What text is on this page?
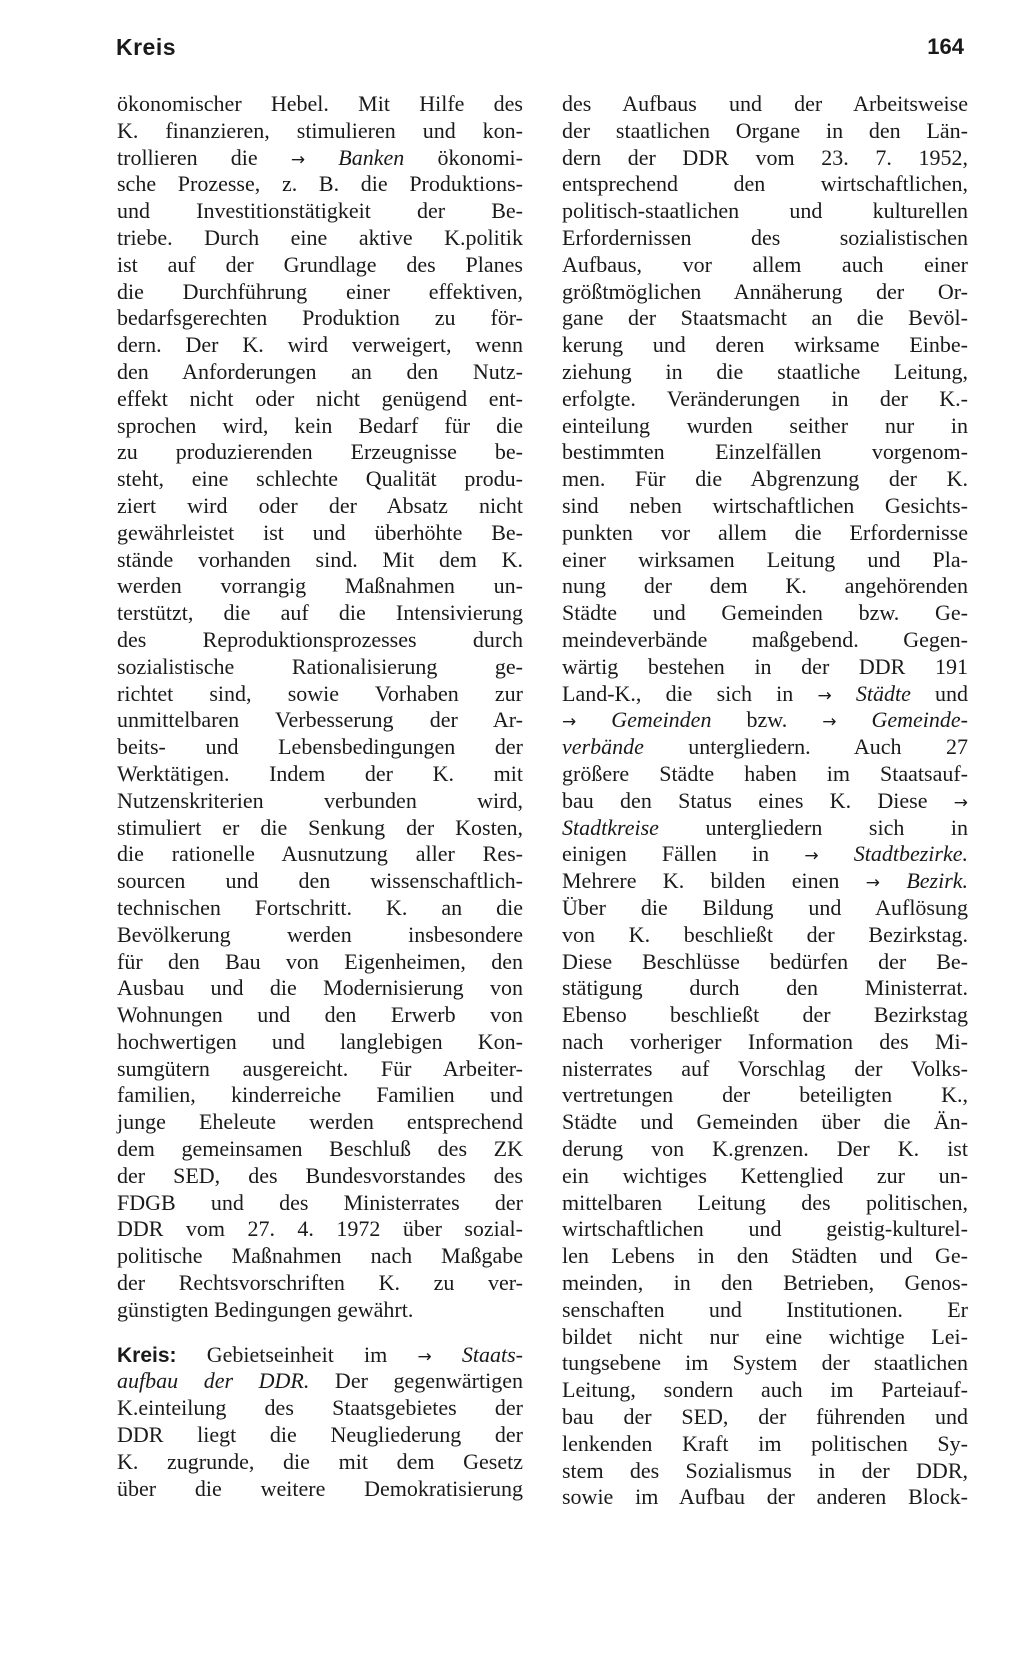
Kreis	164
ökonomischer Hebel. Mit Hilfe des
K. finanzieren, stimulieren und kon-
trollieren die → Banken ökonomi-
sche Prozesse, z. B. die Produktions-
und Investitionstätigkeit der Be-
triebe. Durch eine aktive K.politik
ist auf der Grundlage des Planes
die Durchführung einer effektiven,
bedarfsgerechten Produktion zu för-
dern. Der K. wird verweigert, wenn
den Anforderungen an den Nutz-
effekt nicht oder nicht genügend ent-
sprochen wird, kein Bedarf für die
zu produzierenden Erzeugnisse be-
steht, eine schlechte Qualität produ-
ziert wird oder der Absatz nicht
gewährleistet ist und überhöhte Be-
stände vorhanden sind. Mit dem K.
werden vorrangig Maßnahmen un-
terstützt, die auf die Intensivierung
des Reproduktionsprozesses durch
sozialistische Rationalisierung ge-
richtet sind, sowie Vorhaben zur
unmittelbaren Verbesserung der Ar-
beits- und Lebensbedingungen der
Werktätigen. Indem der K. mit
Nutzenskriterien verbunden wird,
stimuliert er die Senkung der Kosten,
die rationelle Ausnutzung aller Res-
sourcen und den wissenschaftlich-
technischen Fortschritt. K. an die
Bevölkerung werden insbesondere
für den Bau von Eigenheimen, den
Ausbau und die Modernisierung von
Wohnungen und den Erwerb von
hochwertigen und langlebigen Kon-
sumgütern ausgereicht. Für Arbeiter-
familien, kinderreiche Familien und
junge Eheleute werden entsprechend
dem gemeinsamen Beschluß des ZK
der SED, des Bundesvorstandes des
FDGB und des Ministerrates der
DDR vom 27. 4. 1972 über sozial-
politische Maßnahmen nach Maßgabe
der Rechtsvorschriften K. zu ver-
günstigten Bedingungen gewährt.
Kreis: Gebietseinheit im → Staats-
aufbau der DDR. Der gegenwärtigen
K.einteilung des Staatsgebietes der
DDR liegt die Neugliederung der
K. zugrunde, die mit dem Gesetz
über die weitere Demokratisierung
des Aufbaus und der Arbeitsweise
der staatlichen Organe in den Län-
dern der DDR vom 23. 7. 1952,
entsprechend den wirtschaftlichen,
politisch-staatlichen und kulturellen
Erfordernissen des sozialistischen
Aufbaus, vor allem auch einer
größtmöglichen Annäherung der Or-
gane der Staatsmacht an die Bevöl-
kerung und deren wirksame Einbe-
ziehung in die staatliche Leitung,
erfolgte. Veränderungen in der K.-
einteilung wurden seither nur in
bestimmten Einzelfällen vorgenom-
men. Für die Abgrenzung der K.
sind neben wirtschaftlichen Gesichts-
punkten vor allem die Erfordernisse
einer wirksamen Leitung und Pla-
nung der dem K. angehörenden
Städte und Gemeinden bzw. Ge-
meindeverbände maßgebend. Gegen-
wärtig bestehen in der DDR 191
Land-K., die sich in → Städte und
→ Gemeinden bzw. → Gemeinde-
verbände untergliedern. Auch 27
größere Städte haben im Staatsauf-
bau den Status eines K. Diese →
Stadtkreise untergliedern sich in
einigen Fällen in → Stadtbezirke.
Mehrere K. bilden einen → Bezirk.
Über die Bildung und Auflösung
von K. beschließt der Bezirkstag.
Diese Beschlüsse bedürfen der Be-
stätigung durch den Ministerrat.
Ebenso beschließt der Bezirkstag
nach vorheriger Information des Mi-
nisterrates auf Vorschlag der Volks-
vertretungen der beteiligten K.,
Städte und Gemeinden über die Än-
derung von K.grenzen. Der K. ist
ein wichtiges Kettenglied zur un-
mittelbaren Leitung des politischen,
wirtschaftlichen und geistig-kulturel-
len Lebens in den Städten und Ge-
meinden, in den Betrieben, Genos-
senschaften und Institutionen. Er
bildet nicht nur eine wichtige Lei-
tungsebene im System der staatlichen
Leitung, sondern auch im Parteiauf-
bau der SED, der führenden und
lenkenden Kraft im politischen Sy-
stem des Sozialismus in der DDR,
sowie im Aufbau der anderen Block-
